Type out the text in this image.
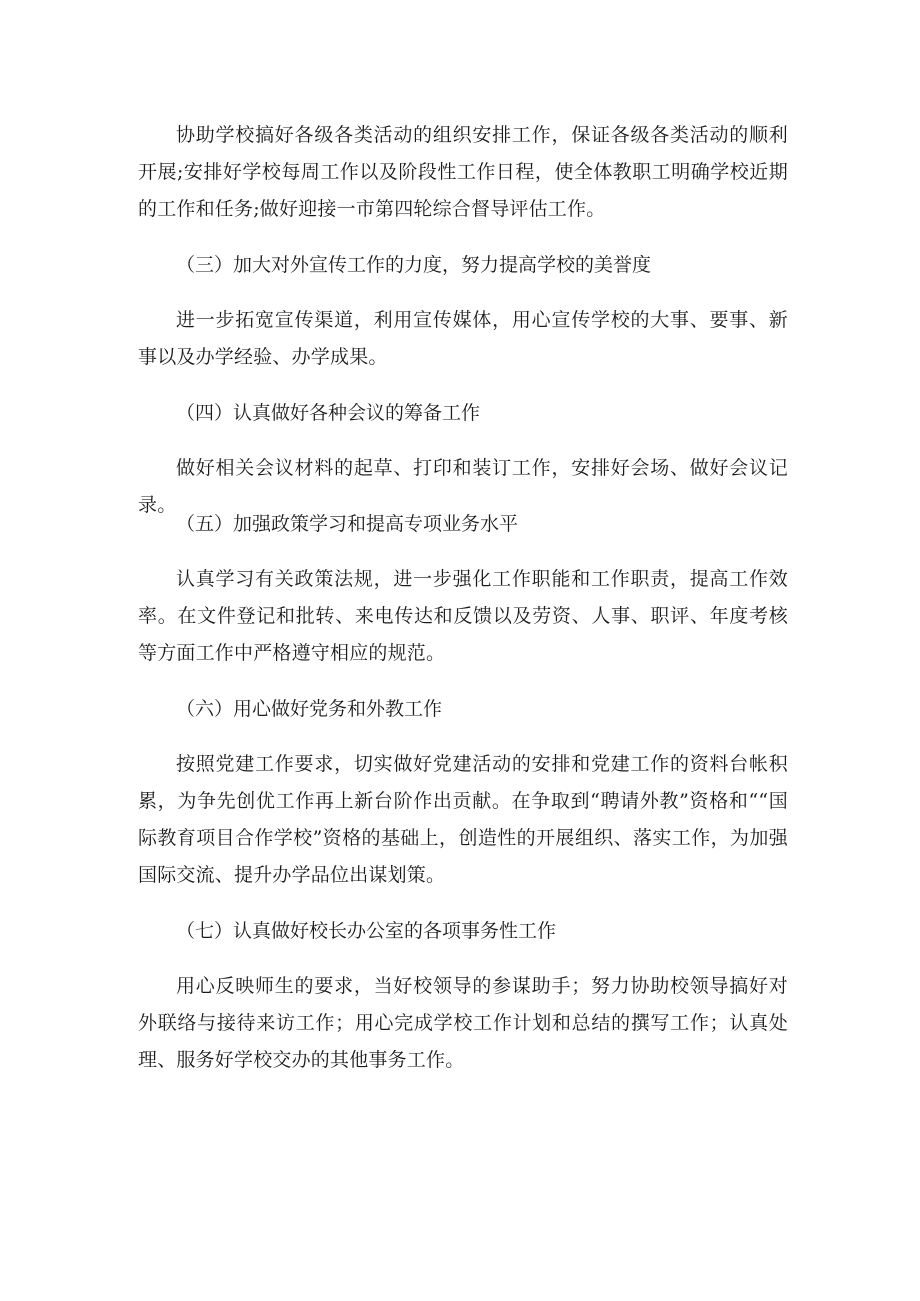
协助学校搞好各级各类活动的组织安排工作，保证各级各类活动的顺利开展;安排好学校每周工作以及阶段性工作日程，使全体教职工明确学校近期的工作和任务;做好迎接一市第四轮综合督导评估工作。

（三）加大对外宣传工作的力度，努力提高学校的美誉度

进一步拓宽宣传渠道，利用宣传媒体，用心宣传学校的大事、要事、新事以及办学经验、办学成果。

（四）认真做好各种会议的筹备工作

做好相关会议材料的起草、打印和装订工作，安排好会场、做好会议记录。

（五）加强政策学习和提高专项业务水平

认真学习有关政策法规，进一步强化工作职能和工作职责，提高工作效率。在文件登记和批转、来电传达和反馈以及劳资、人事、职评、年度考核等方面工作中严格遵守相应的规范。

（六）用心做好党务和外教工作

按照党建工作要求，切实做好党建活动的安排和党建工作的资料台帐积累，为争先创优工作再上新台阶作出贡献。在争取到“聘请外教”资格和““国际教育项目合作学校”资格的基础上，创造性的开展组织、落实工作，为加强国际交流、提升办学品位出谋划策。

（七）认真做好校长办公室的各项事务性工作

用心反映师生的要求，当好校领导的参谋助手；努力协助校领导搞好对外联络与接待来访工作；用心完成学校工作计划和总结的撰写工作；认真处理、服务好学校交办的其他事务工作。
